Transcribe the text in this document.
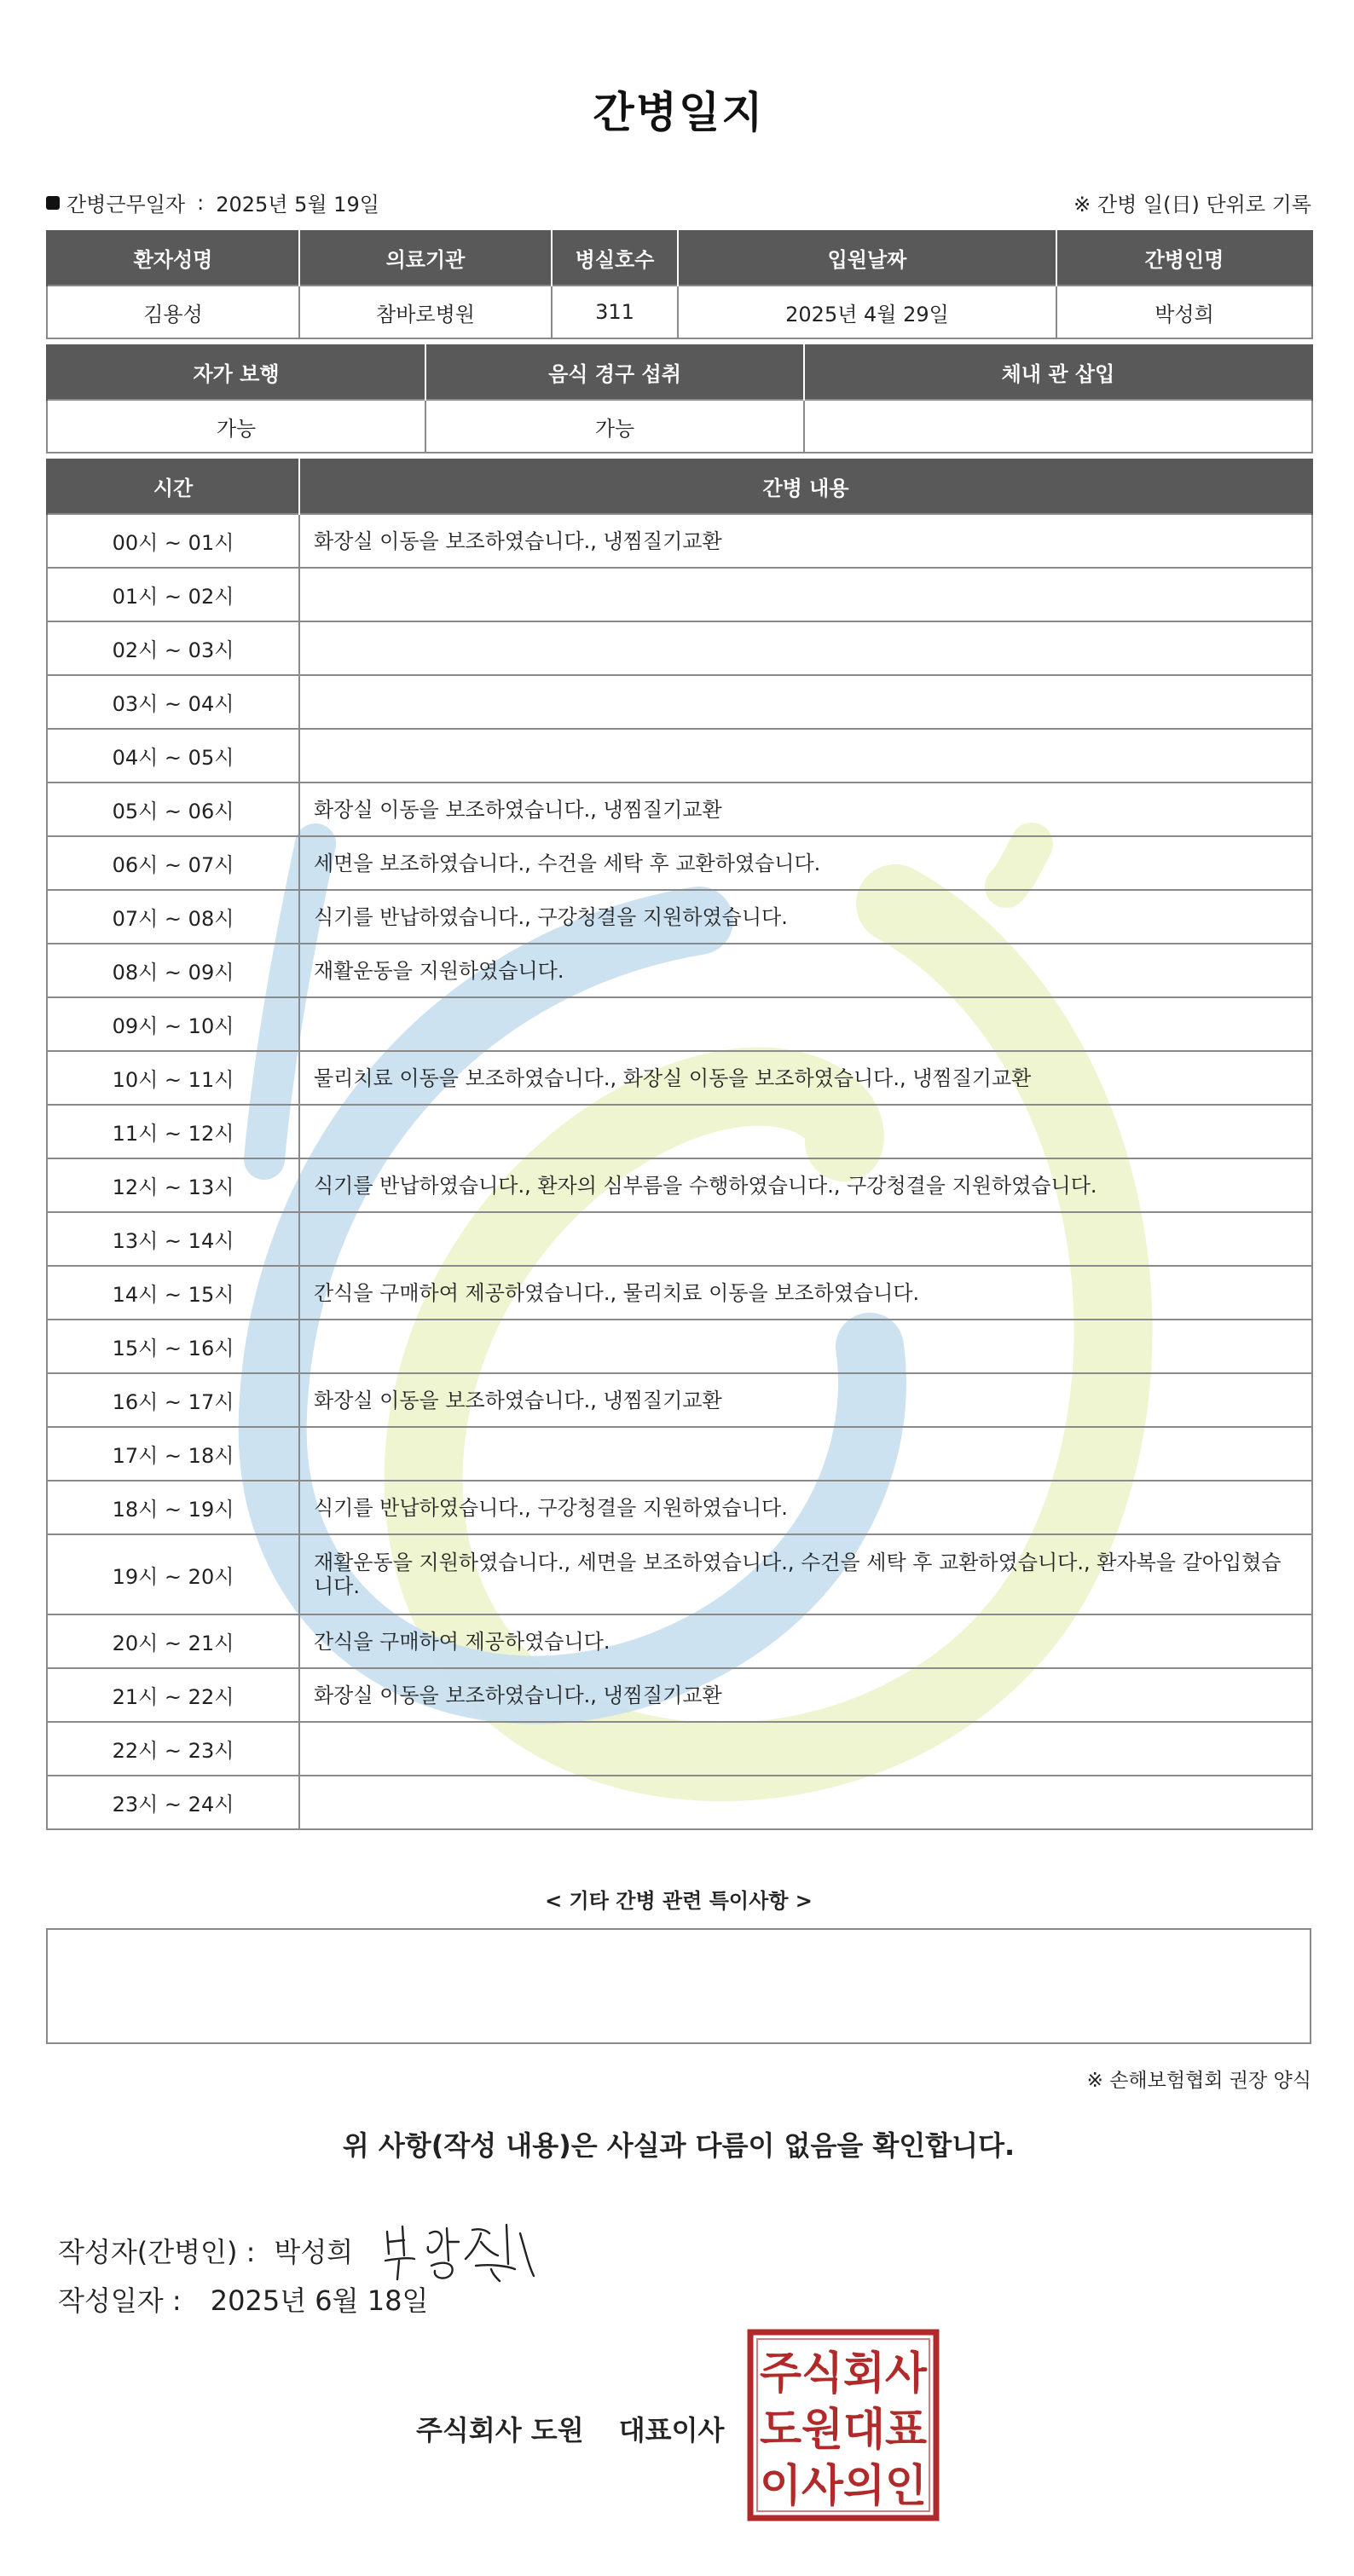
간병일지
간병근무일자 : 2025년 5월 19일	※ 간병 일(日) 단위로 기록
환자성명	의료기관	병실호수	입원날짜	간병인명
김용성	참바로병원	311	2025년 4월 29일	박성희
자가 보행	음식 경구 섭취	체내 관 삽입
가능	가능	
시간	간병 내용
00시 ~ 01시	화장실 이동을 보조하였습니다., 냉찜질기교환
01시 ~ 02시	
02시 ~ 03시	
03시 ~ 04시	
04시 ~ 05시	
05시 ~ 06시	화장실 이동을 보조하였습니다., 냉찜질기교환
06시 ~ 07시	세면을 보조하였습니다., 수건을 세탁 후 교환하였습니다.
07시 ~ 08시	식기를 반납하였습니다., 구강청결을 지원하였습니다.
08시 ~ 09시	재활운동을 지원하였습니다.
09시 ~ 10시	
10시 ~ 11시	물리치료 이동을 보조하였습니다., 화장실 이동을 보조하였습니다., 냉찜질기교환
11시 ~ 12시	
12시 ~ 13시	식기를 반납하였습니다., 환자의 심부름을 수행하였습니다., 구강청결을 지원하였습니다.
13시 ~ 14시	
14시 ~ 15시	간식을 구매하여 제공하였습니다., 물리치료 이동을 보조하였습니다.
15시 ~ 16시	
16시 ~ 17시	화장실 이동을 보조하였습니다., 냉찜질기교환
17시 ~ 18시	
18시 ~ 19시	식기를 반납하였습니다., 구강청결을 지원하였습니다.
19시 ~ 20시	재활운동을 지원하였습니다., 세면을 보조하였습니다., 수건을 세탁 후 교환하였습니다., 환자복을 갈아입혔습니다.
20시 ~ 21시	간식을 구매하여 제공하였습니다.
21시 ~ 22시	화장실 이동을 보조하였습니다., 냉찜질기교환
22시 ~ 23시	
23시 ~ 24시	
< 기타 간병 관련 특이사항 >
※ 손해보험협회 권장 양식
위 사항(작성 내용)은 사실과 다름이 없음을 확인합니다.
작성자(간병인) : 박성희
작성일자 : 2025년 6월 18일
주식회사 도원 대표이사
주식회사
도원대표
이사의인
